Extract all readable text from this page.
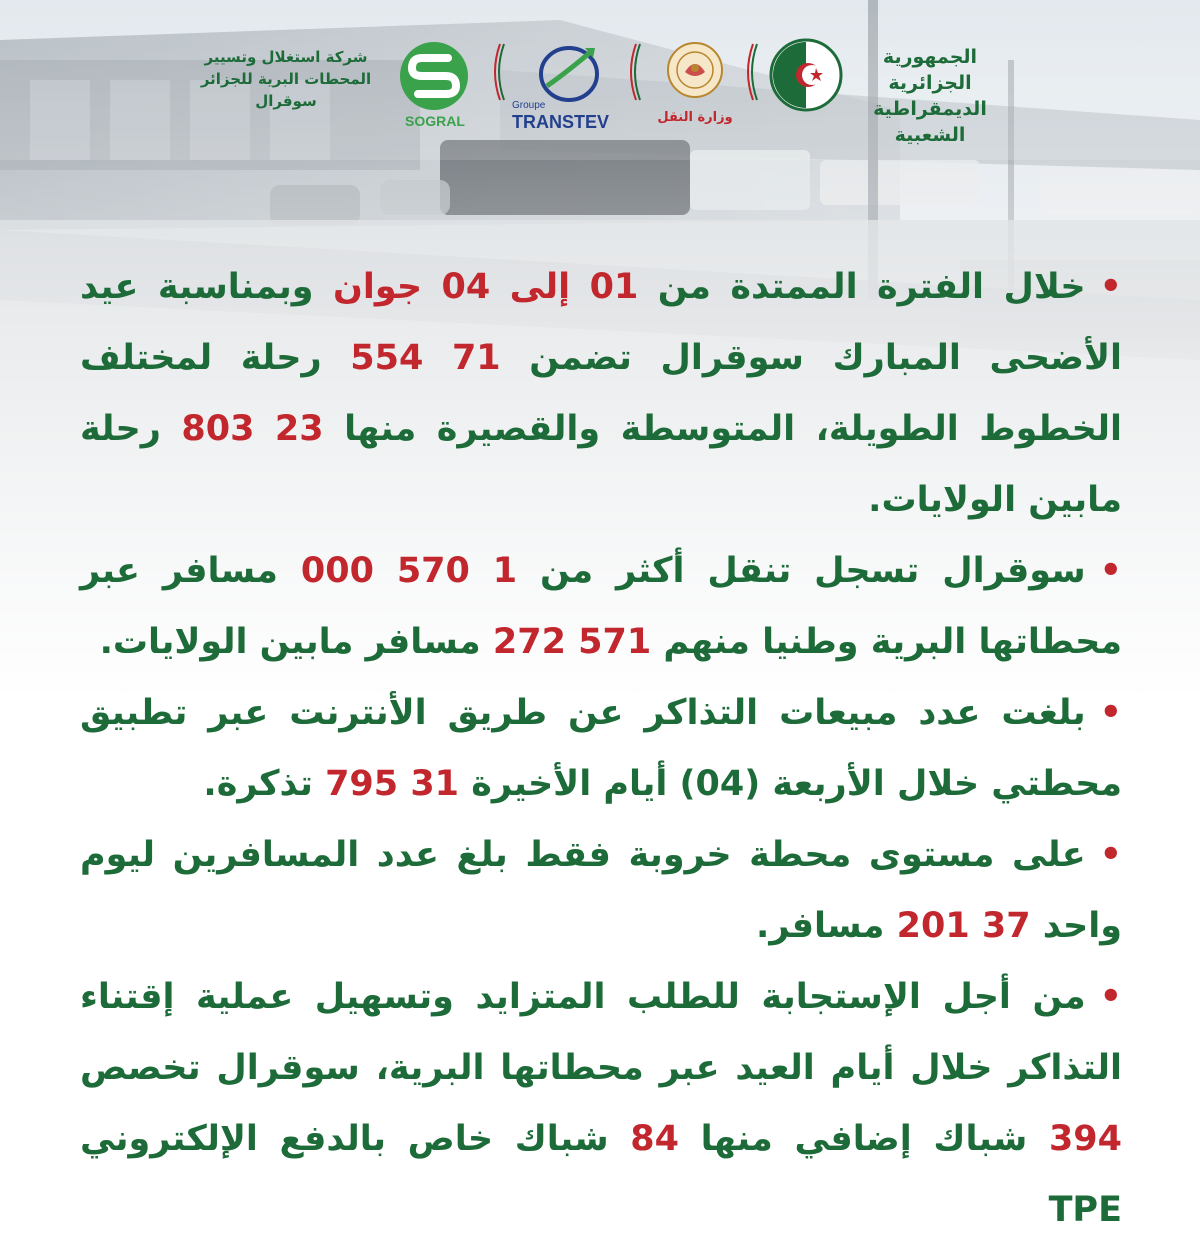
الجمهورية الجزائرية
الديمقراطية الشعبية
وزارة النقل
Groupe
TRANSTEV
SOGRAL
شركة استغلال وتسيير
المحطات البرية للجزائر
سوقرال

•خلال الفترة الممتدة من 01 إلى 04 جوان وبمناسبة عيد الأضحى المبارك سوقرال تضمن 71 554 رحلة لمختلف الخطوط الطويلة، المتوسطة والقصيرة منها 23 803 رحلة مابين الولايات.

•سوقرال تسجل تنقل أكثر من 1 570 000 مسافر عبر محطاتها البرية وطنيا منهم 571 272 مسافر مابين الولايات.

•بلغت عدد مبيعات التذاكر عن طريق الأنترنت عبر تطبيق محطتي خلال الأربعة (04) أيام الأخيرة 31 795 تذكرة.

•على مستوى محطة خروبة فقط بلغ عدد المسافرين ليوم واحد 37 201 مسافر.

•من أجل الإستجابة للطلب المتزايد وتسهيل عملية إقتناء التذاكر خلال أيام العيد عبر محطاتها البرية، سوقرال تخصص 394 شباك إضافي منها 84 شباك خاص بالدفع الإلكتروني TPE
